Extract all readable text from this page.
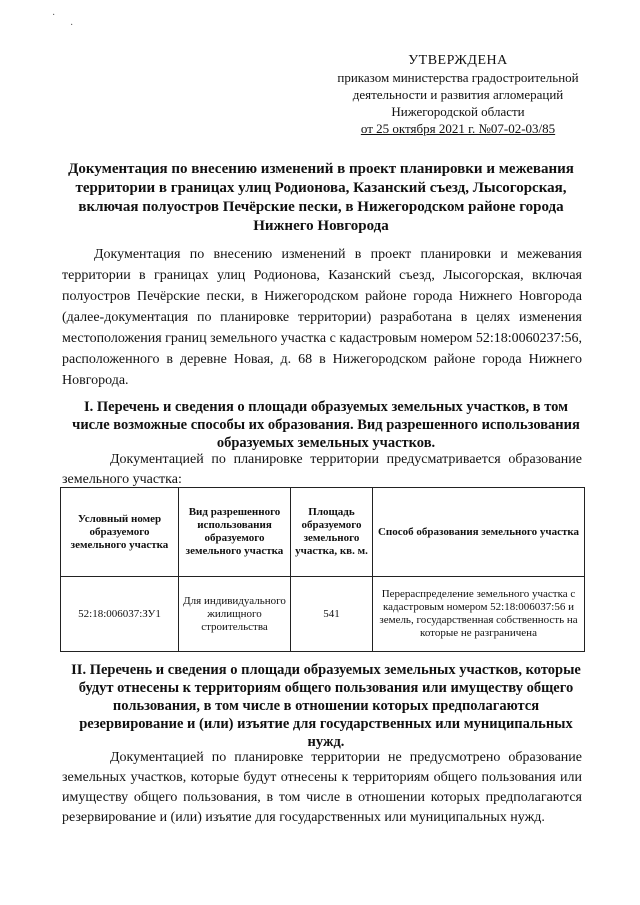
·
·
УТВЕРЖДЕНА
приказом министерства градостроительной
деятельности и развития агломераций
Нижегородской области
от 25 октября 2021 г. №07-02-03/85
Документация по внесению изменений в проект планировки и межевания территории в границах улиц Родионова, Казанский съезд, Лысогорская, включая полуостров Печёрские пески, в Нижегородском районе города Нижнего Новгорода

Документация по внесению изменений в проект планировки и межевания территории в границах улиц Родионова, Казанский съезд, Лысогорская, включая полуостров Печёрские пески, в Нижегородском районе города Нижнего Новгорода (далее-документация по планировке территории) разработана в целях изменения местоположения границ земельного участка с кадастровым номером 52:18:0060237:56, расположенного в деревне Новая, д. 68 в Нижегородском районе города Нижнего Новгорода.

I. Перечень и сведения о площади образуемых земельных участков, в том числе возможные способы их образования. Вид разрешенного использования образуемых земельных участков.

Документацией по планировке территории предусматривается образование земельного участка:

Условный номер образуемого земельного участка	Вид разрешенного использования образуемого земельного участка	Площадь образуемого земельного участка, кв. м.	Способ образования земельного участка
52:18:006037:ЗУ1	Для индивидуального жилищного строительства	541	Перераспределение земельного участка с кадастровым номером 52:18:006037:56 и земель, государственная собственность на которые не разграничена
II. Перечень и сведения о площади образуемых земельных участков, которые будут отнесены к территориям общего пользования или имуществу общего пользования, в том числе в отношении которых предполагаются резервирование и (или) изъятие для государственных или муниципальных нужд.

Документацией по планировке территории не предусмотрено образование земельных участков, которые будут отнесены к территориям общего пользования или имуществу общего пользования, в том числе в отношении которых предполагаются резервирование и (или) изъятие для государственных или муниципальных нужд.
